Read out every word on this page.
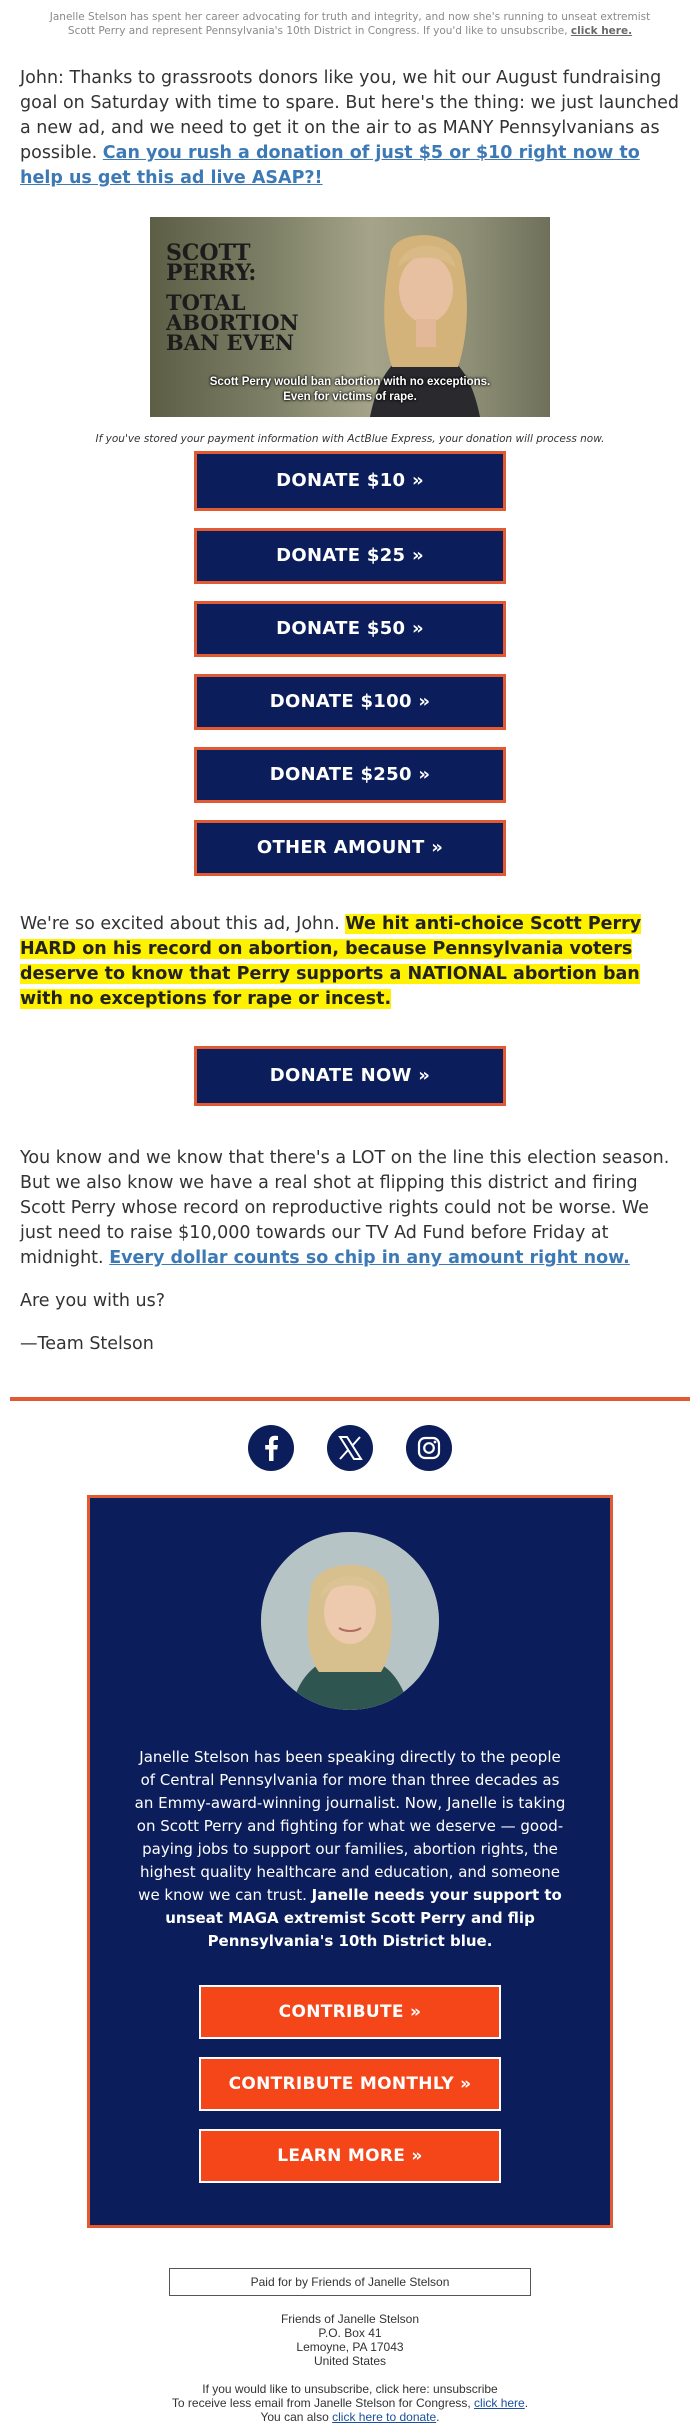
Janelle Stelson has spent her career advocating for truth and integrity, and now she's running to unseat extremist Scott Perry and represent Pennsylvania's 10th District in Congress. If you'd like to unsubscribe, click here.
John: Thanks to grassroots donors like you, we hit our August fundraising goal on Saturday with time to spare. But here's the thing: we just launched a new ad, and we need to get it on the air to as MANY Pennsylvanians as possible. Can you rush a donation of just $5 or $10 right now to help us get this ad live ASAP?!
SCOTT PERRY:
TOTAL ABORTION BAN EVEN
Scott Perry would ban abortion with no exceptions.
Even for victims of rape.
If you've stored your payment information with ActBlue Express, your donation will process now.
DONATE $10 »
DONATE $25 »
DONATE $50 »
DONATE $100 »
DONATE $250 »
OTHER AMOUNT »
We're so excited about this ad, John. We hit anti-choice Scott Perry HARD on his record on abortion, because Pennsylvania voters deserve to know that Perry supports a NATIONAL abortion ban with no exceptions for rape or incest.
DONATE NOW »
You know and we know that there's a LOT on the line this election season. But we also know we have a real shot at flipping this district and firing Scott Perry whose record on reproductive rights could not be worse. We just need to raise $10,000 towards our TV Ad Fund before Friday at midnight. Every dollar counts so chip in any amount right now.
Are you with us?
—Team Stelson

Janelle Stelson has been speaking directly to the people of Central Pennsylvania for more than three decades as an Emmy-award-winning journalist. Now, Janelle is taking on Scott Perry and fighting for what we deserve — good-paying jobs to support our families, abortion rights, the highest quality healthcare and education, and someone we know we can trust. Janelle needs your support to unseat MAGA extremist Scott Perry and flip Pennsylvania's 10th District blue.
CONTRIBUTE »
CONTRIBUTE MONTHLY »
LEARN MORE »
Paid for by Friends of Janelle Stelson
Friends of Janelle Stelson
P.O. Box 41
Lemoyne, PA 17043
United States
If you would like to unsubscribe, click here: unsubscribe
To receive less email from Janelle Stelson for Congress, click here.
You can also click here to donate.
